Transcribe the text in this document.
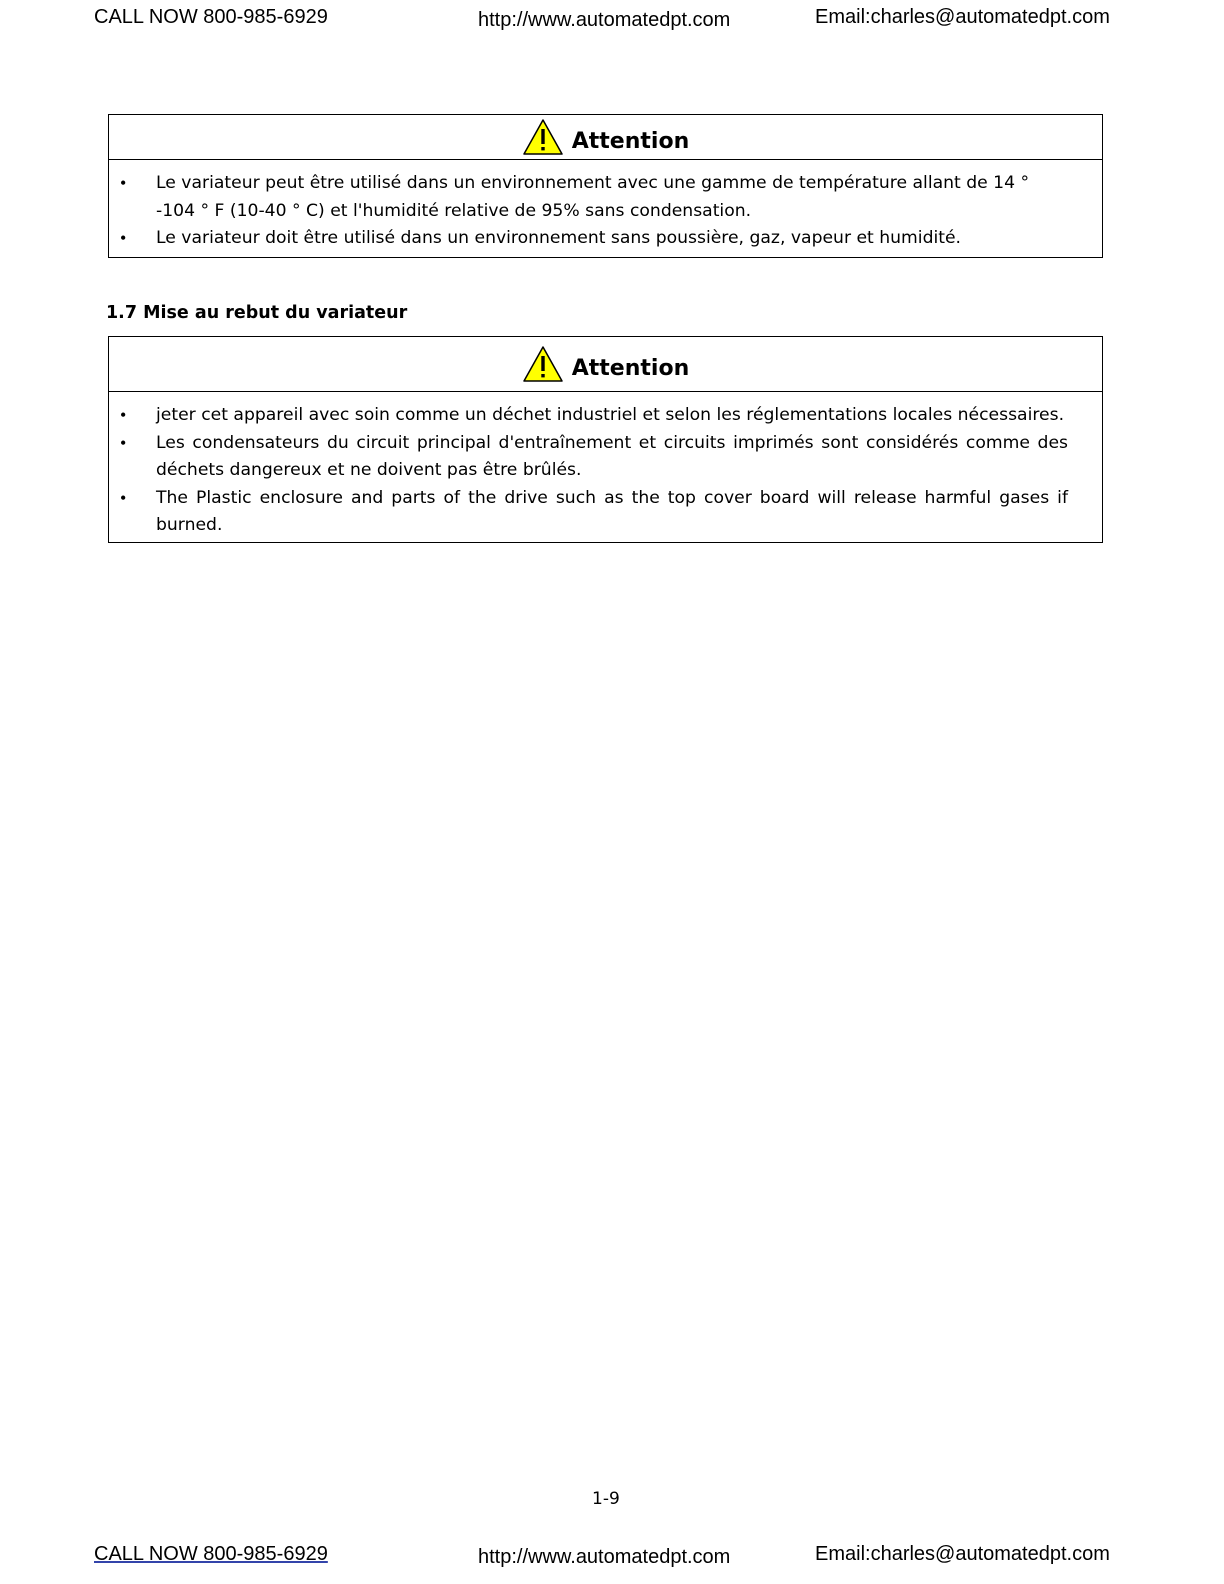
CALL NOW 800-985-6929	http://www.automatedpt.com	Email:charles@automatedpt.com
Attention
• Le variateur peut être utilisé dans un environnement avec une gamme de température allant de 14 ° -104 ° F (10-40 ° C) et l'humidité relative de 95% sans condensation.
• Le variateur doit être utilisé dans un environnement sans poussière, gaz, vapeur et humidité.
1.7 Mise au rebut du variateur
Attention
• jeter cet appareil avec soin comme un déchet industriel et selon les réglementations locales nécessaires.
• Les condensateurs du circuit principal d'entraînement et circuits imprimés sont considérés comme des déchets dangereux et ne doivent pas être brûlés.
• The Plastic enclosure and parts of the drive such as the top cover board will release harmful gases if burned.
1-9
CALL NOW 800-985-6929	http://www.automatedpt.com	Email:charles@automatedpt.com
